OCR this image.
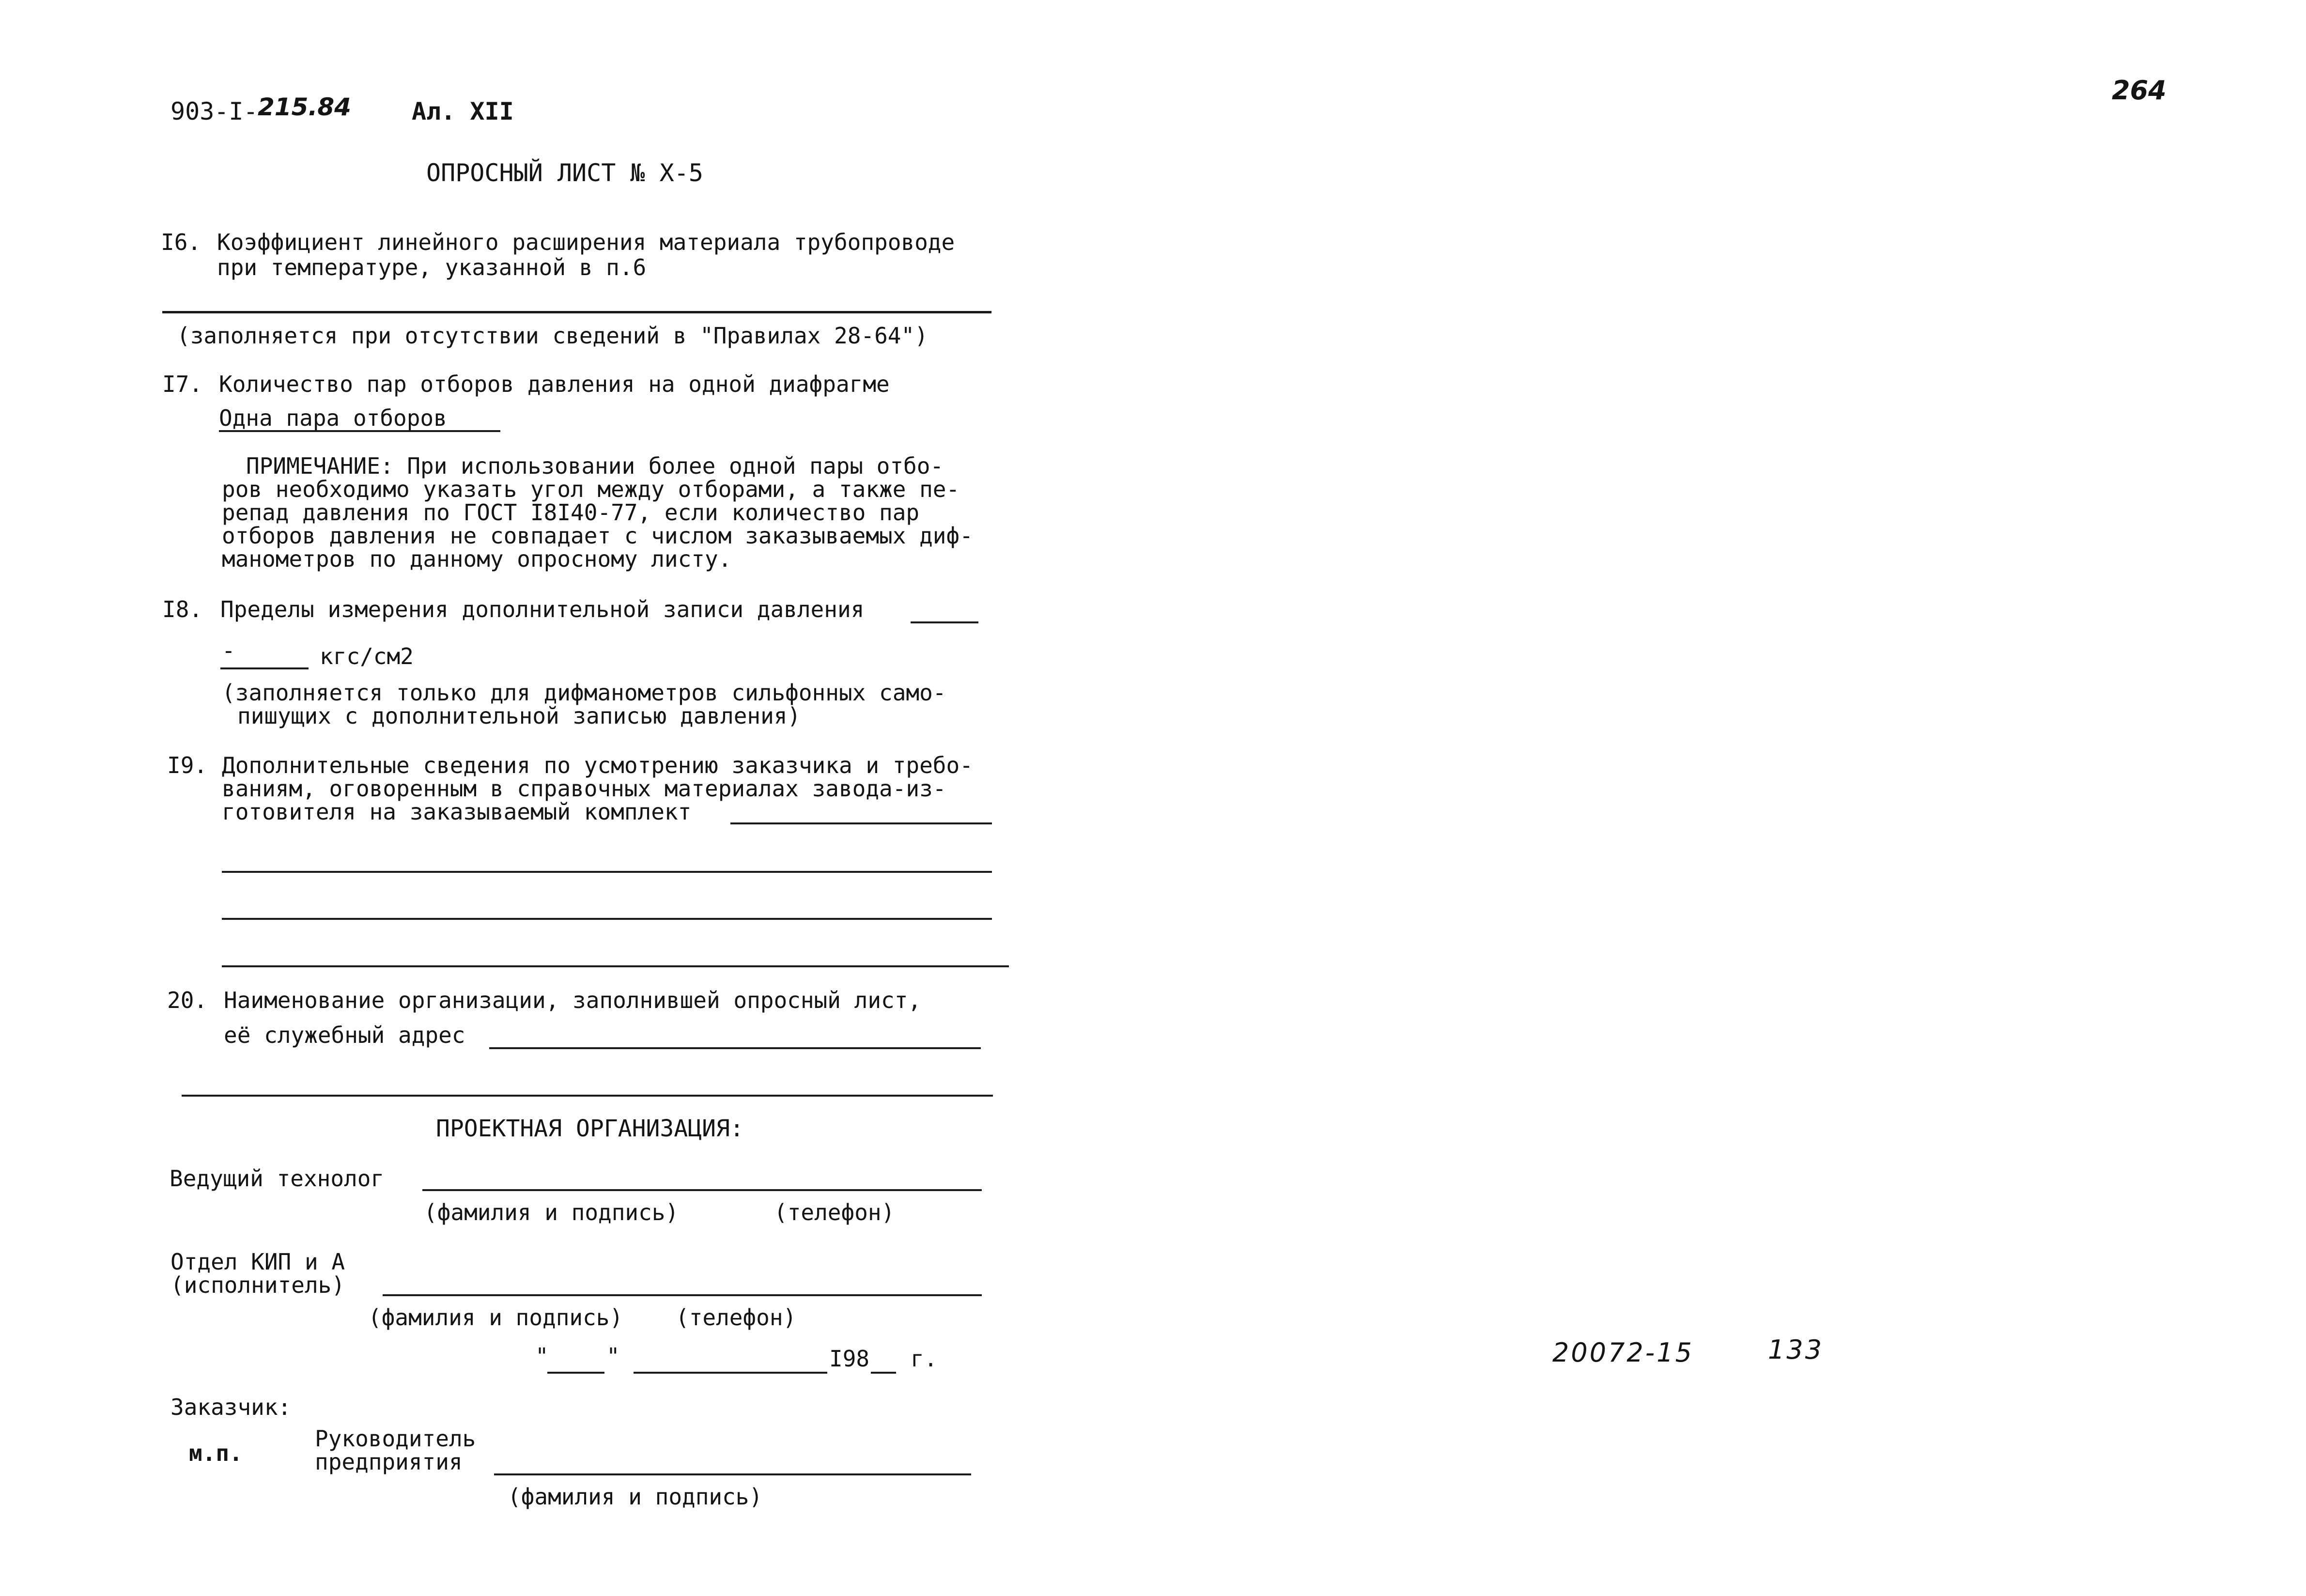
903-I- 215.84	Ал. XII
264
ОПРОСНЫЙ ЛИСТ № X-5
I6. Коэффициент линейного расширения материала трубопроводе
при температуре, указанной в п.6
(заполняется при отсутствии сведений в "Правилах 28-64")
I7. Количество пар отборов давления на одной диафрагме
Одна пара отборов
ПРИМЕЧАНИЕ: При использовании более одной пары отбо-
ров необходимо указать угол между отборами, а также пе-
репад давления по ГОСТ I8I40-77, если количество пар
отборов давления не совпадает с числом заказываемых диф-
манометров по данному опросному листу.
I8. Пределы измерения дополнительной записи давления
-	кгс/см2
(заполняется только для дифманометров сильфонных само-
пишущих с дополнительной записью давления)
I9. Дополнительные сведения по усмотрению заказчика и требо-
ваниям, оговоренным в справочных материалах завода-из-
готовителя на заказываемый комплект
20. Наименование организации, заполнившей опросный лист,
её служебный адрес
ПРОЕКТНАЯ ОРГАНИЗАЦИЯ:
Ведущий технолог
(фамилия и подпись)	(телефон)
Отдел КИП и А
(исполнитель)
(фамилия и подпись) (телефон)
"	"	I98 г.
Заказчик:
м.п.
Руководитель
предприятия
(фамилия и подпись)
20072-15	133
